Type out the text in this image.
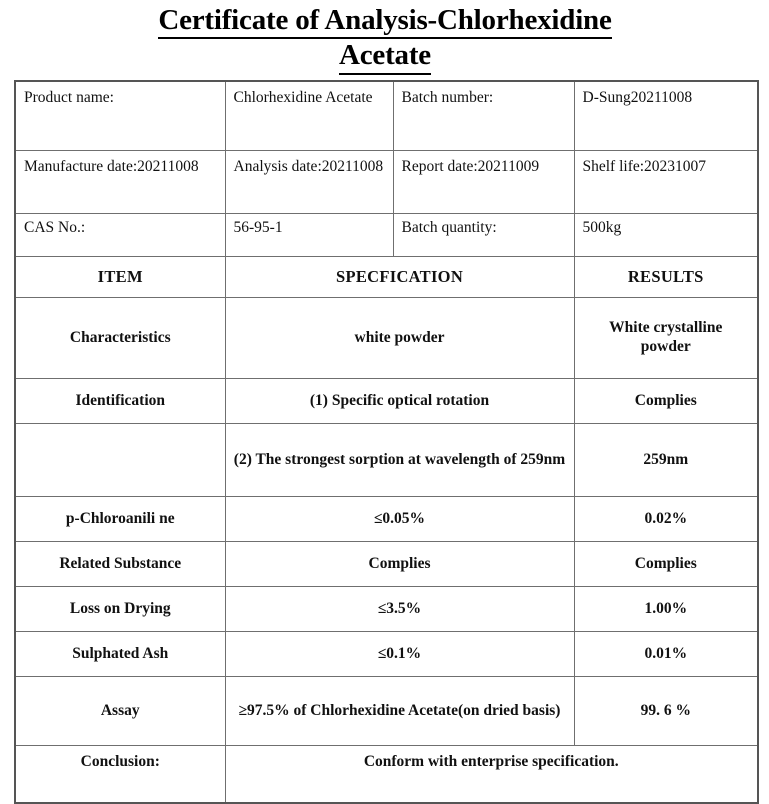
Certificate of Analysis-Chlorhexidine
Acetate
Product name:	Chlorhexidine Acetate	Batch number:	D-Sung20211008
Manufacture date:20211008	Analysis date:20211008	Report date:20211009	Shelf life:20231007
CAS No.:	56-95-1	Batch quantity:	500kg
ITEM	SPECFICATION		RESULTS
Characteristics	white powder		White crystalline powder
Identification	(1) Specific optical rotation		Complies
	(2) The strongest sorption at wavelength of 259nm		259nm
p-Chloroanili ne	≤0.05%		0.02%
Related Substance	Complies		Complies
Loss on Drying	≤3.5%		1.00%
Sulphated Ash	≤0.1%		0.01%
Assay	≥97.5% of Chlorhexidine Acetate(on dried basis)		99. 6 %
Conclusion:	Conform with enterprise specification.		
